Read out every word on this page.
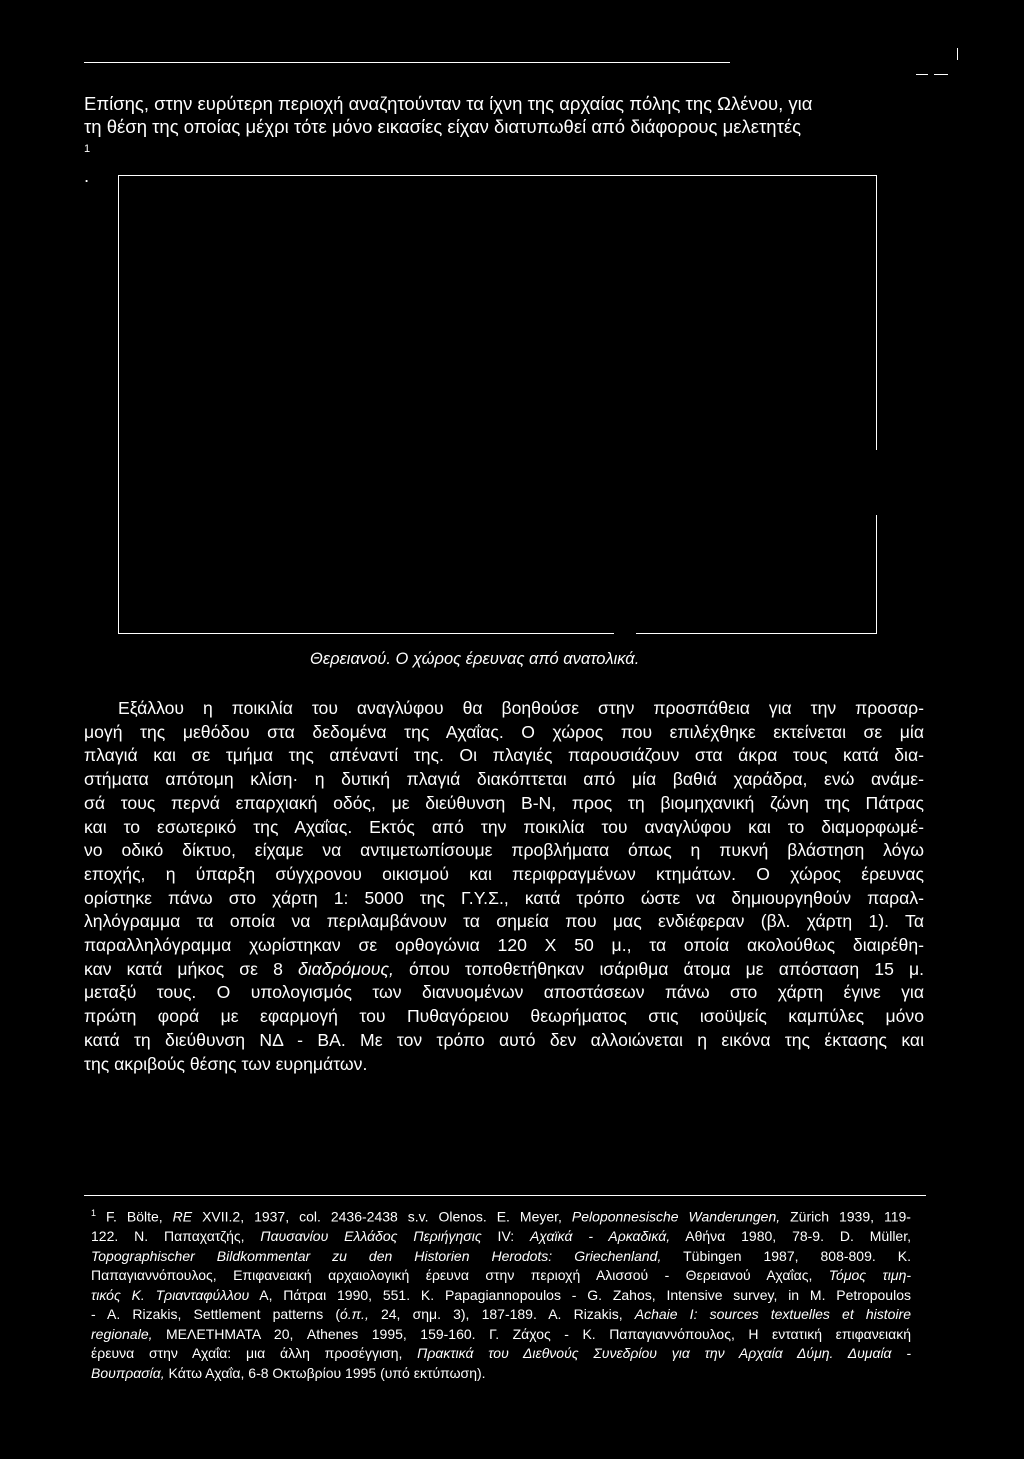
Επίσης, στην ευρύτερη περιοχή αναζητούνταν τα ίχνη της αρχαίας πόλης της Ωλένου, για
τη θέση της οποίας μέχρι τότε μόνο εικασίες είχαν διατυπωθεί από διάφορους μελετητές
$^1$
.
Θερειανού. Ο χώρος έρευνας από ανατολικά.
Εξάλλου η ποικιλία του αναγλύφου θα βοηθούσε στην προσπάθεια για την προσαρ-
μογή της μεθόδου στα δεδομένα της Αχαΐας. Ο χώρος που επιλέχθηκε εκτείνεται σε μία
πλαγιά και σε τμήμα της απέναντί της. Οι πλαγιές παρουσιάζουν στα άκρα τους κατά δια-
στήματα απότομη κλίση· η δυτική πλαγιά διακόπτεται από μία βαθιά χαράδρα, ενώ ανάμε-
σά τους περνά επαρχιακή οδός, με διεύθυνση Β-Ν, προς τη βιομηχανική ζώνη της Πάτρας
και το εσωτερικό της Αχαΐας. Εκτός από την ποικιλία του αναγλύφου και το διαμορφωμέ-
νο οδικό δίκτυο, είχαμε να αντιμετωπίσουμε προβλήματα όπως η πυκνή βλάστηση λόγω
εποχής, η ύπαρξη σύγχρονου οικισμού και περιφραγμένων κτημάτων. Ο χώρος έρευνας
ορίστηκε πάνω στο χάρτη 1: 5000 της Γ.Υ.Σ., κατά τρόπο ώστε να δημιουργηθούν παραλ-
ληλόγραμμα τα οποία να περιλαμβάνουν τα σημεία που μας ενδιέφεραν (βλ. χάρτη 1). Τα
παραλληλόγραμμα χωρίστηκαν σε ορθογώνια 120 Χ 50 μ., τα οποία ακολούθως διαιρέθη-
καν κατά μήκος σε 8 διαδρόμους, όπου τοποθετήθηκαν ισάριθμα άτομα με απόσταση 15 μ.
μεταξύ τους. Ο υπολογισμός των διανυομένων αποστάσεων πάνω στο χάρτη έγινε για
πρώτη φορά με εφαρμογή του Πυθαγόρειου θεωρήματος στις ισοϋψείς καμπύλες μόνο
κατά τη διεύθυνση ΝΔ - ΒΑ. Με τον τρόπο αυτό δεν αλλοιώνεται η εικόνα της έκτασης και
της ακριβούς θέσης των ευρημάτων.
$^1$ F. Bölte, RE XVII.2, 1937, col. 2436-2438 s.v. Olenos. E. Meyer, Peloponnesische Wanderungen, Zürich 1939, 119-
122. N. Παπαχατζής, Παυσανίου Ελλάδος Περιήγησις IV: Αχαϊκά - Αρκαδικά, Αθήνα 1980, 78-9. D. Müller,
Topographischer Bildkommentar zu den Historien Herodots: Griechenland, Tübingen 1987, 808-809. K.
Παπαγιαννόπουλος, Επιφανειακή αρχαιολογική έρευνα στην περιοχή Αλισσού - Θερειανού Αχαΐας, Τόμος τιμη-
τικός Κ. Τριανταφύλλου Α, Πάτραι 1990, 551. K. Papagiannopoulos - G. Zahos, Intensive survey, in M. Petropoulos
- A. Rizakis, Settlement patterns (ό.π., 24, σημ. 3), 187-189. A. Rizakis, Achaie I: sources textuelles et histoire
regionale, ΜΕΛΕΤΗΜΑΤΑ 20, Athenes 1995, 159-160. Γ. Ζάχος - Κ. Παπαγιαννόπουλος, Η εντατική επιφανειακή
έρευνα στην Αχαΐα: μια άλλη προσέγγιση, Πρακτικά του Διεθνούς Συνεδρίου για την Αρχαία Δύμη. Δυμαία -
Βουπρασία, Κάτω Αχαΐα, 6-8 Οκτωβρίου 1995 (υπό εκτύπωση).
